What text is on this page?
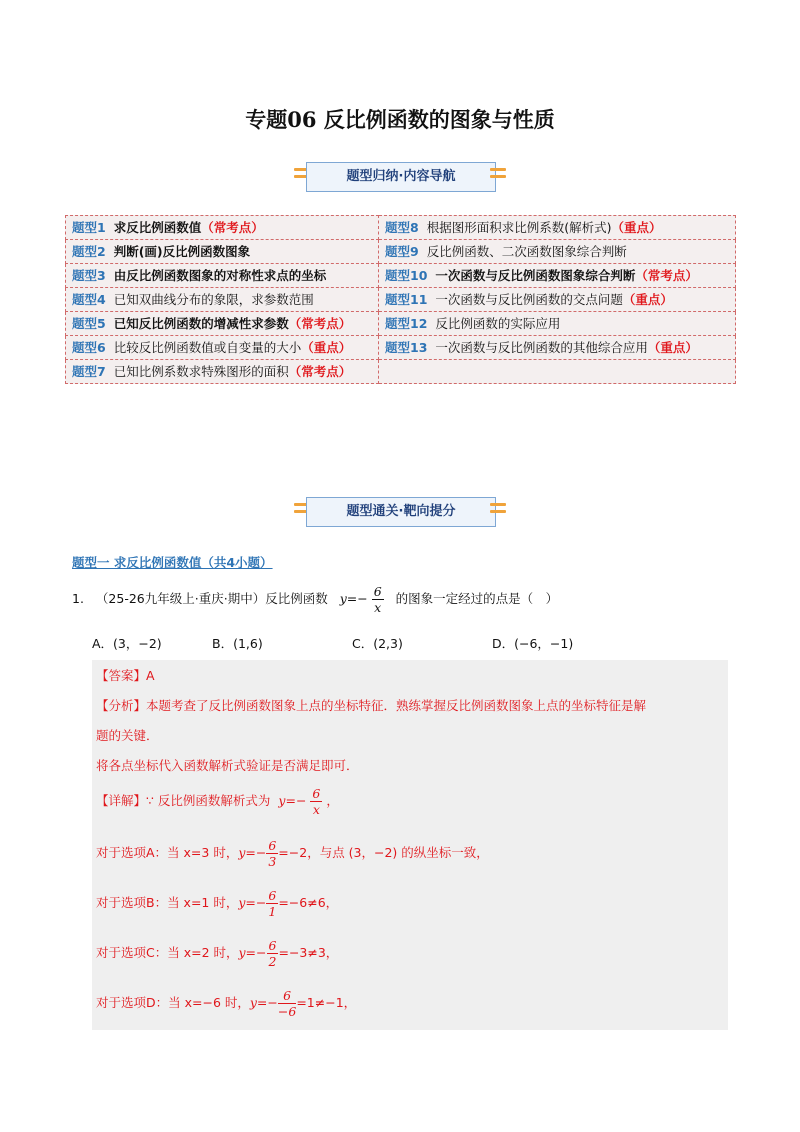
专题06 反比例函数的图象与性质
题型归纳·内容导航
题型1 求反比例函数值（常考点）	题型8 根据图形面积求比例系数(解析式)（重点）
题型2 判断(画)反比例函数图象	题型9 反比例函数、二次函数图象综合判断
题型3 由反比例函数图象的对称性求点的坐标	题型10 一次函数与反比例函数图象综合判断（常考点）
题型4 已知双曲线分布的象限，求参数范围	题型11 一次函数与反比例函数的交点问题（重点）
题型5 已知反比例函数的增减性求参数（常考点）	题型12 反比例函数的实际应用
题型6 比较反比例函数值或自变量的大小（重点）	题型13 一次函数与反比例函数的其他综合应用（重点）
题型7 已知比例系数求特殊图形的面积（常考点）	
题型通关·靶向提分
题型一 求反比例函数值（共4小题）
1. （25-26九年级上·重庆·期中）反比例函数 $y=- \frac{6}{x}$ 的图象一定经过的点是（　）
A．(3，−2)	B．(1,6)	C．(2,3)	D．(−6，−1)
【答案】A
【分析】本题考查了反比例函数图象上点的坐标特征．熟练掌握反比例函数图象上点的坐标特征是解
题的关键．
将各点坐标代入函数解析式验证是否满足即可．
【详解】∵ 反比例函数解析式为 $y=- \frac{6}{x}$ ，
对于选项A：当 x=3 时，$y=- \frac{6}{3} =-2$，与点 (3，−2) 的纵坐标一致，
对于选项B：当 x=1 时，$y=- \frac{6}{1} =-6\ne 6$，
对于选项C：当 x=2 时，$y=- \frac{6}{2} =-3\ne 3$，
对于选项D：当 x=−6 时，$y=- \frac{6}{-6} =1\ne-1$，
